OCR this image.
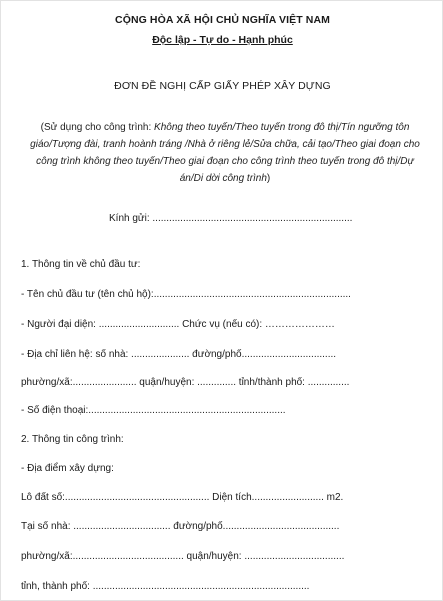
CỘNG HÒA XÃ HỘI CHỦ NGHĨA VIỆT NAM
Độc lập - Tự do - Hạnh phúc
ĐƠN ĐỀ NGHỊ CẤP GIẤY PHÉP XÂY DỰNG
(Sử dụng cho công trình: Không theo tuyến/Theo tuyến trong đô thị/Tín ngưỡng tôn giáo/Tượng đài, tranh hoành tráng /Nhà ở riêng lẻ/Sửa chữa, cải tạo/Theo giai đoạn cho công trình không theo tuyến/Theo giai đoạn cho công trình theo tuyến trong đô thị/Dự án/Di dời công trình)
Kính gửi: ........................................................................
1. Thông tin về chủ đầu tư:
- Tên chủ đầu tư (tên chủ hộ):.......................................................................
- Người đại diện: ............................. Chức vụ (nếu có): …………………
- Địa chỉ liên hệ: số nhà: ..................... đường/phố..................................
phường/xã:....................... quận/huyện: .............. tỉnh/thành phố: ...............
- Số điện thoại:.......................................................................
2. Thông tin công trình:
- Địa điểm xây dựng:
Lô đất số:.................................................... Diện tích.......................... m2.
Tại số nhà: ................................... đường/phố..........................................
phường/xã:........................................ quận/huyện: ....................................
tỉnh, thành phố: ..............................................................................
